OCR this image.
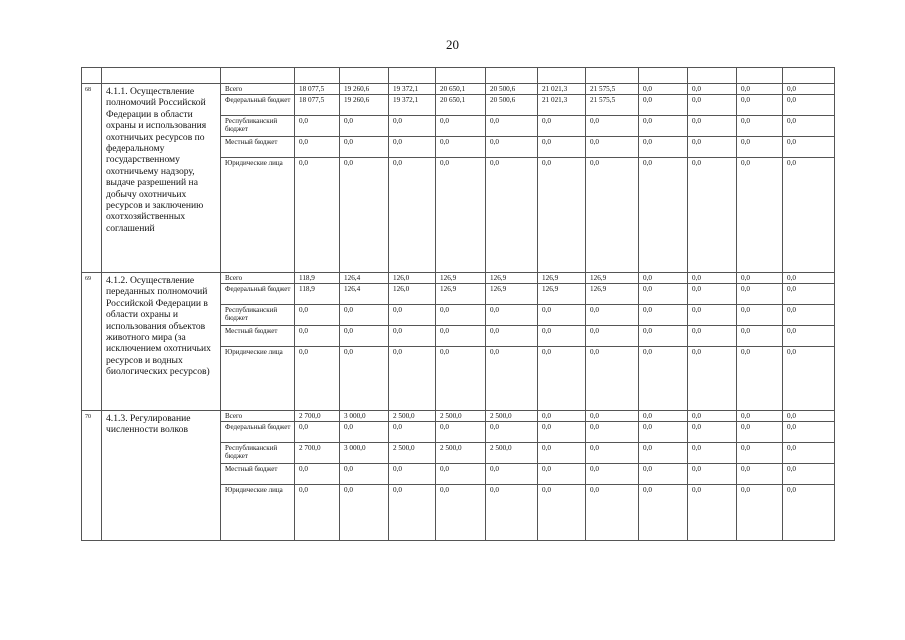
20

68	4.1.1. Осуществление полномочий Российской Федерации в области охраны и использования охотничьих ресурсов по федеральному государственному охотничьему надзору, выдаче разрешений на добычу охотничьих ресурсов и заключению охотхозяйственных соглашений	Всего	18 077,5	19 260,6	19 372,1	20 650,1	20 500,6	21 021,3	21 575,5	0,0	0,0	0,0	0,0
		Федеральный бюджет	18 077,5	19 260,6	19 372,1	20 650,1	20 500,6	21 021,3	21 575,5	0,0	0,0	0,0	0,0
		Республиканский бюджет	0,0	0,0	0,0	0,0	0,0	0,0	0,0	0,0	0,0	0,0	0,0
		Местный бюджет	0,0	0,0	0,0	0,0	0,0	0,0	0,0	0,0	0,0	0,0	0,0
		Юридические лица	0,0	0,0	0,0	0,0	0,0	0,0	0,0	0,0	0,0	0,0	0,0
69	4.1.2. Осуществление переданных полномочий Российской Федерации в области охраны и использования объектов животного мира (за исключением охотничьих ресурсов и водных биологических ресурсов)	Всего	118,9	126,4	126,0	126,9	126,9	126,9	126,9	0,0	0,0	0,0	0,0
		Федеральный бюджет	118,9	126,4	126,0	126,9	126,9	126,9	126,9	0,0	0,0	0,0	0,0
		Республиканский бюджет	0,0	0,0	0,0	0,0	0,0	0,0	0,0	0,0	0,0	0,0	0,0
		Местный бюджет	0,0	0,0	0,0	0,0	0,0	0,0	0,0	0,0	0,0	0,0	0,0
		Юридические лица	0,0	0,0	0,0	0,0	0,0	0,0	0,0	0,0	0,0	0,0	0,0
70	4.1.3. Регулирование численности волков	Всего	2 700,0	3 000,0	2 500,0	2 500,0	2 500,0	0,0	0,0	0,0	0,0	0,0	0,0
		Федеральный бюджет	0,0	0,0	0,0	0,0	0,0	0,0	0,0	0,0	0,0	0,0	0,0
		Республиканский бюджет	2 700,0	3 000,0	2 500,0	2 500,0	2 500,0	0,0	0,0	0,0	0,0	0,0	0,0
		Местный бюджет	0,0	0,0	0,0	0,0	0,0	0,0	0,0	0,0	0,0	0,0	0,0
		Юридические лица	0,0	0,0	0,0	0,0	0,0	0,0	0,0	0,0	0,0	0,0	0,0
